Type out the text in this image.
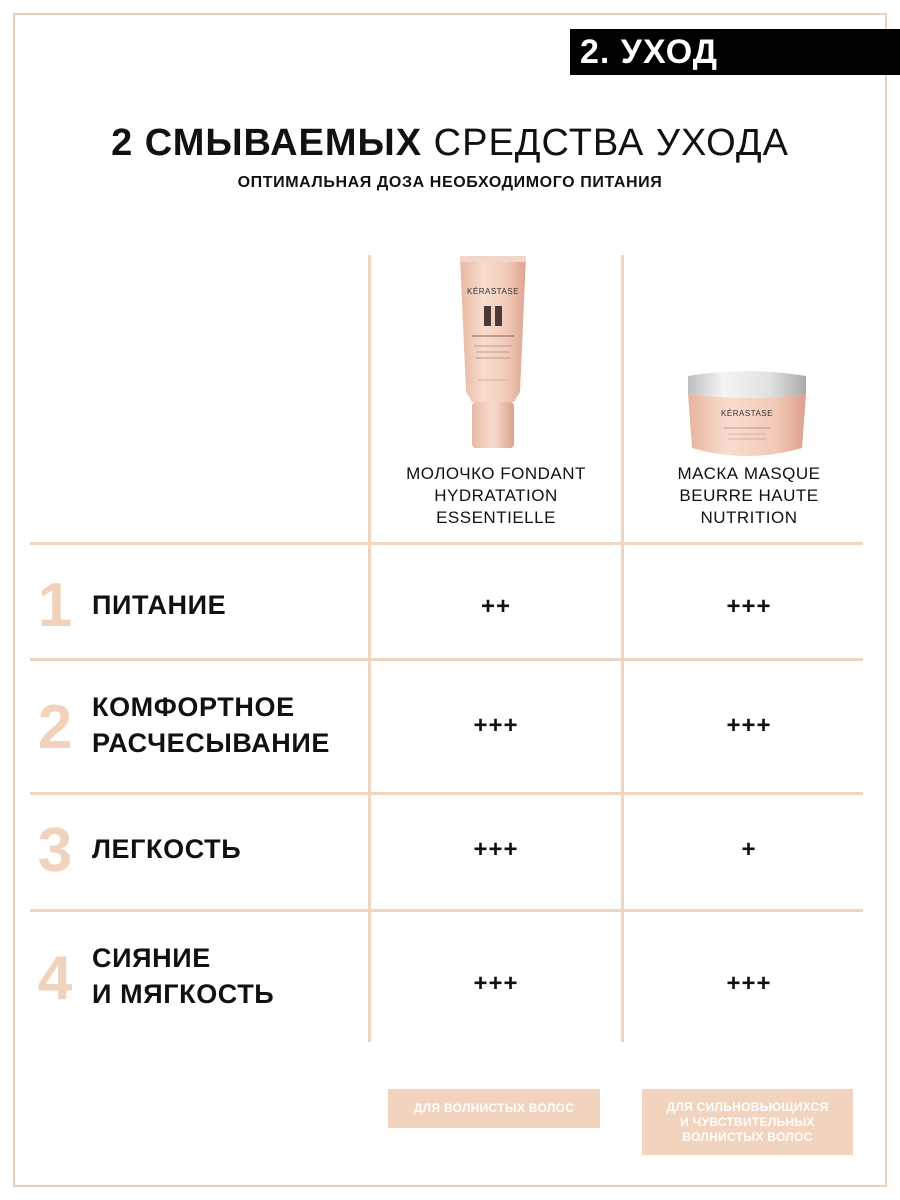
2. УХОД
2 СМЫВАЕМЫХ СРЕДСТВА УХОДА
ОПТИМАЛЬНАЯ ДОЗА НЕОБХОДИМОГО ПИТАНИЯ
KÉRASTASE
KÉRASTASE
МОЛОЧКО FONDANT
HYDRATATION
ESSENTIELLE
МАСКА MASQUE
BEURRE HAUTE
NUTRITION
1 ПИТАНИЕ	++	+++
2 КОМФОРТНОЕ
РАСЧЕСЫВАНИЕ
+++	+++
3 ЛЕГКОСТЬ	+++	+
4 СИЯНИЕ
И МЯГКОСТЬ	+++	+++
ДЛЯ ВОЛНИСТЫХ ВОЛОС	ДЛЯ СИЛЬНОВЬЮЩИХСЯ
И ЧУВСТВИТЕЛЬНЫХ
ВОЛНИСТЫХ ВОЛОС
